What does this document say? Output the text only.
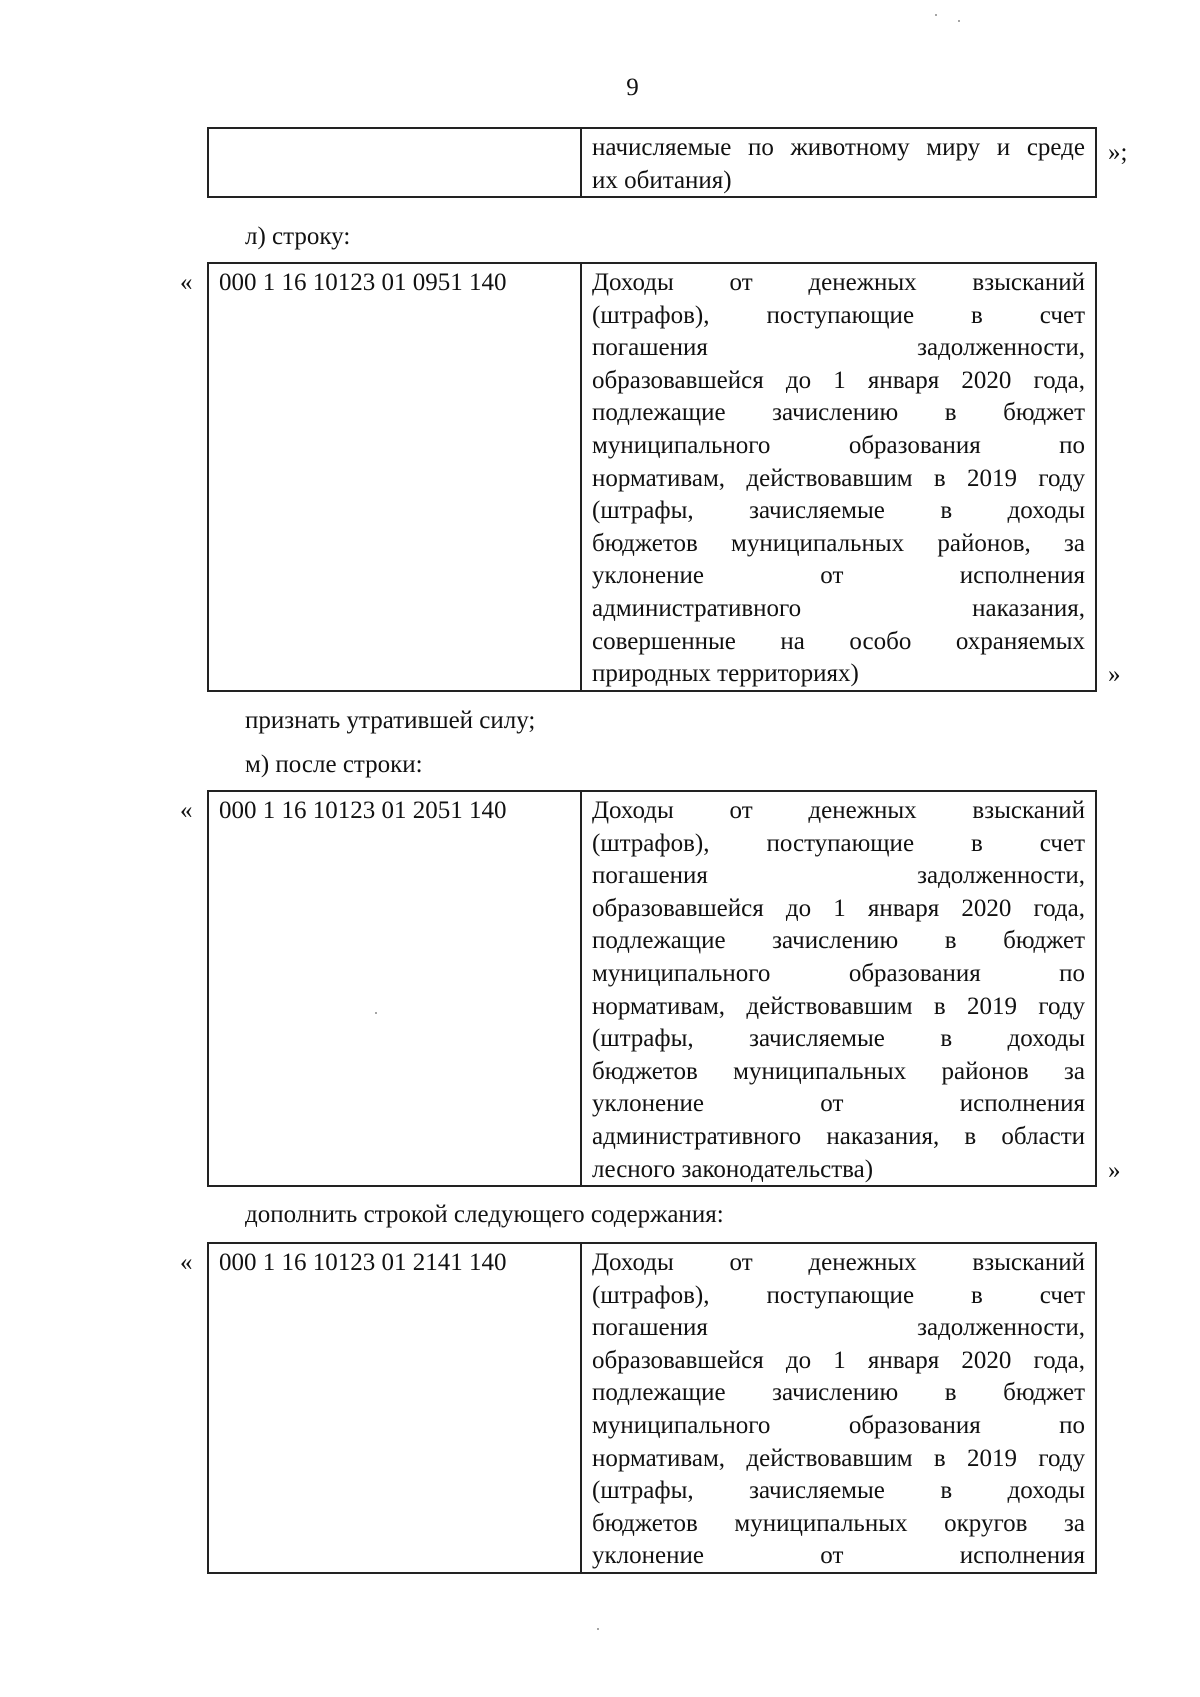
9

начисляемые по животному миру и среде
их обитания)
»;
л) строку:
« 000 1 16 10123 01 0951 140	Доходы от денежных взысканий
(штрафов), поступающие в счет
погашения задолженности,
образовавшейся до 1 января 2020 года,
подлежащие зачислению в бюджет
муниципального образования по
нормативам, действовавшим в 2019 году
(штрафы, зачисляемые в доходы
бюджетов муниципальных районов, за
уклонение от исполнения
административного наказания,
совершенные на особо охраняемых
природных территориях)	»
признать утратившей силу;
м) после строки:
« 000 1 16 10123 01 2051 140	Доходы от денежных взысканий
(штрафов), поступающие в счет
погашения задолженности,
образовавшейся до 1 января 2020 года,
подлежащие зачислению в бюджет
муниципального образования по
нормативам, действовавшим в 2019 году
(штрафы, зачисляемые в доходы
бюджетов муниципальных районов за
уклонение от исполнения
административного наказания, в области
лесного законодательства)	»
дополнить строкой следующего содержания:
« 000 1 16 10123 01 2141 140	Доходы от денежных взысканий
(штрафов), поступающие в счет
погашения задолженности,
образовавшейся до 1 января 2020 года,
подлежащие зачислению в бюджет
муниципального образования по
нормативам, действовавшим в 2019 году
(штрафы, зачисляемые в доходы
бюджетов муниципальных округов за
уклонение от исполнения
